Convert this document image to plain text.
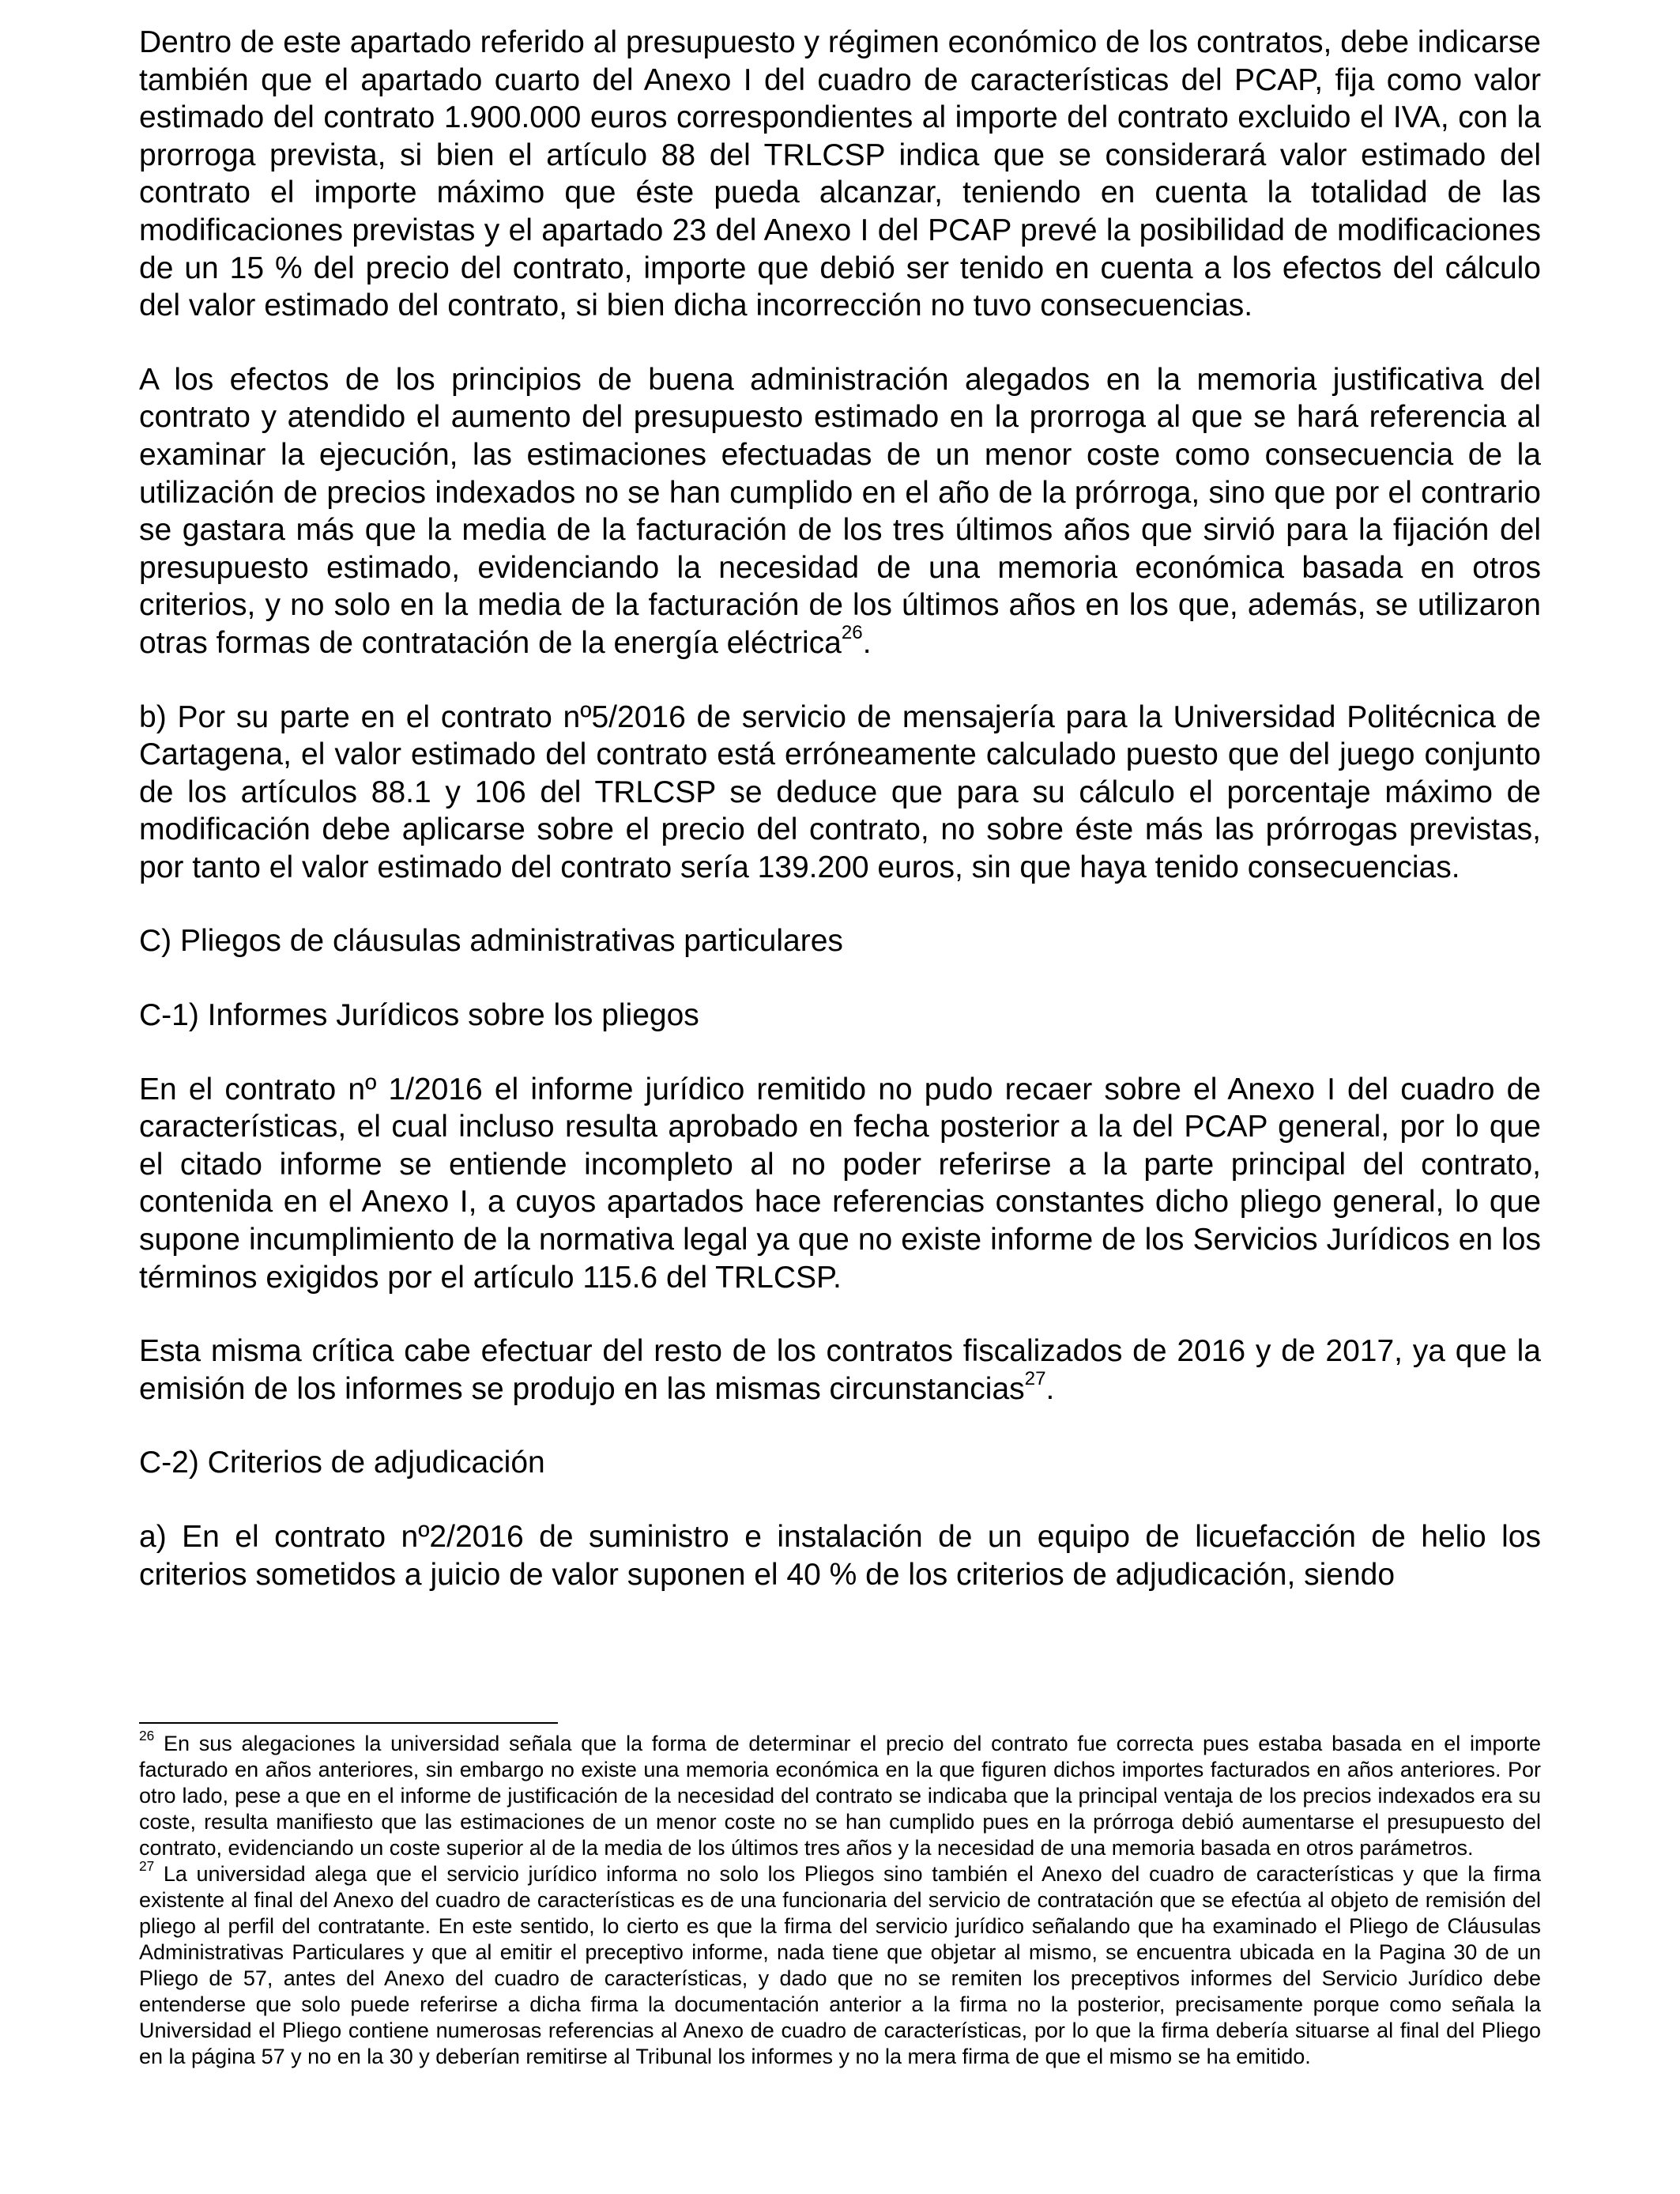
Dentro de este apartado referido al presupuesto y régimen económico de los contratos, debe indicarse también que el apartado cuarto del Anexo I del cuadro de características del PCAP, fija como valor estimado del contrato 1.900.000 euros correspondientes al importe del contrato excluido el IVA, con la prorroga prevista, si bien el artículo 88 del TRLCSP indica que se considerará valor estimado del contrato el importe máximo que éste pueda alcanzar, teniendo en cuenta la totalidad de las modificaciones previstas y el apartado 23 del Anexo I del PCAP prevé la posibilidad de modificaciones de un 15 % del precio del contrato, importe que debió ser tenido en cuenta a los efectos del cálculo del valor estimado del contrato, si bien dicha incorrección no tuvo consecuencias.

A los efectos de los principios de buena administración alegados en la memoria justificativa del contrato y atendido el aumento del presupuesto estimado en la prorroga al que se hará referencia al examinar la ejecución, las estimaciones efectuadas de un menor coste como consecuencia de la utilización de precios indexados no se han cumplido en el año de la prórroga, sino que por el contrario se gastara más que la media de la facturación de los tres últimos años que sirvió para la fijación del presupuesto estimado, evidenciando la necesidad de una memoria económica basada en otros criterios, y no solo en la media de la facturación de los últimos años en los que, además, se utilizaron otras formas de contratación de la energía eléctrica$^{26}$.

b) Por su parte en el contrato nº5/2016 de servicio de mensajería para la Universidad Politécnica de Cartagena, el valor estimado del contrato está erróneamente calculado puesto que del juego conjunto de los artículos 88.1 y 106 del TRLCSP se deduce que para su cálculo el porcentaje máximo de modificación debe aplicarse sobre el precio del contrato, no sobre éste más las prórrogas previstas, por tanto el valor estimado del contrato sería 139.200 euros, sin que haya tenido consecuencias.

C) Pliegos de cláusulas administrativas particulares

C-1) Informes Jurídicos sobre los pliegos

En el contrato nº 1/2016 el informe jurídico remitido no pudo recaer sobre el Anexo I del cuadro de características, el cual incluso resulta aprobado en fecha posterior a la del PCAP general, por lo que el citado informe se entiende incompleto al no poder referirse a la parte principal del contrato, contenida en el Anexo I, a cuyos apartados hace referencias constantes dicho pliego general, lo que supone incumplimiento de la normativa legal ya que no existe informe de los Servicios Jurídicos en los términos exigidos por el artículo 115.6 del TRLCSP.

Esta misma crítica cabe efectuar del resto de los contratos fiscalizados de 2016 y de 2017, ya que la emisión de los informes se produjo en las mismas circunstancias$^{27}$.

C-2) Criterios de adjudicación

a) En el contrato nº2/2016 de suministro e instalación de un equipo de licuefacción de helio los criterios sometidos a juicio de valor suponen el 40 % de los criterios de adjudicación, siendo

$^{26}$ En sus alegaciones la universidad señala que la forma de determinar el precio del contrato fue correcta pues estaba basada en el importe facturado en años anteriores, sin embargo no existe una memoria económica en la que figuren dichos importes facturados en años anteriores. Por otro lado, pese a que en el informe de justificación de la necesidad del contrato se indicaba que la principal ventaja de los precios indexados era su coste, resulta manifiesto que las estimaciones de un menor coste no se han cumplido pues en la prórroga debió aumentarse el presupuesto del contrato, evidenciando un coste superior al de la media de los últimos tres años y la necesidad de una memoria basada en otros parámetros.

$^{27}$ La universidad alega que el servicio jurídico informa no solo los Pliegos sino también el Anexo del cuadro de características y que la firma existente al final del Anexo del cuadro de características es de una funcionaria del servicio de contratación que se efectúa al objeto de remisión del pliego al perfil del contratante. En este sentido, lo cierto es que la firma del servicio jurídico señalando que ha examinado el Pliego de Cláusulas Administrativas Particulares y que al emitir el preceptivo informe, nada tiene que objetar al mismo, se encuentra ubicada en la Pagina 30 de un Pliego de 57, antes del Anexo del cuadro de características, y dado que no se remiten los preceptivos informes del Servicio Jurídico debe entenderse que solo puede referirse a dicha firma la documentación anterior a la firma no la posterior, precisamente porque como señala la Universidad el Pliego contiene numerosas referencias al Anexo de cuadro de características, por lo que la firma debería situarse al final del Pliego en la página 57 y no en la 30 y deberían remitirse al Tribunal los informes y no la mera firma de que el mismo se ha emitido.
